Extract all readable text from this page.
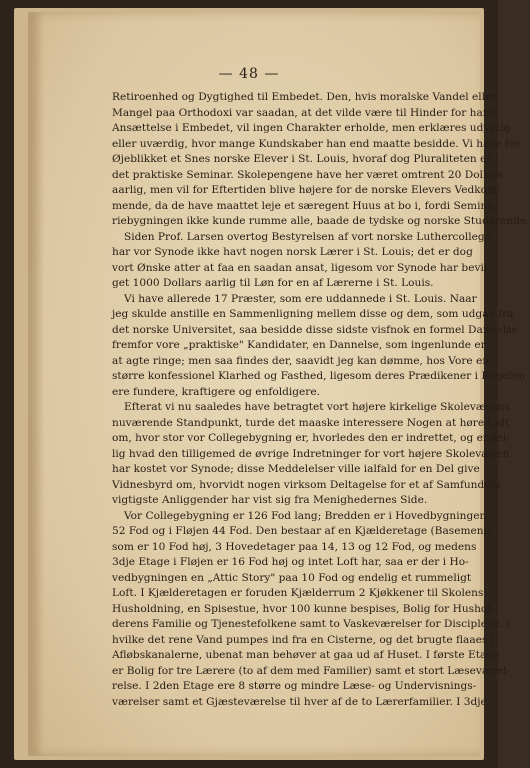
— 48 —
Retiroenhed og Dygtighed til Embedet. Den, hvis moralske Vandel eller
Mangel paa Orthodoxi var saadan, at det vilde være til Hinder for hans
Ansættelse i Embedet, vil ingen Charakter erholde, men erklæres udygtig
eller uværdig, hvor mange Kundskaber han end maatte besidde. Vi have for
Øjeblikket et Snes norske Elever i St. Louis, hvoraf dog Pluraliteten er i
det praktiske Seminar. Skolepengene have her været omtrent 20 Dollars
aarlig, men vil for Eftertiden blive højere for de norske Elevers Vedkom-
mende, da de have maattet leje et særegent Huus at bo i, fordi Semina-
riebygningen ikke kunde rumme alle, baade de tydske og norske Studerende.
Siden Prof. Larsen overtog Bestyrelsen af vort norske Luthercollege,
har vor Synode ikke havt nogen norsk Lærer i St. Louis; det er dog
vort Ønske atter at faa en saadan ansat, ligesom vor Synode har bevil-
get 1000 Dollars aarlig til Løn for en af Lærerne i St. Louis.
Vi have allerede 17 Præster, som ere uddannede i St. Louis. Naar
jeg skulde anstille en Sammenligning mellem disse og dem, som udgaa fra
det norske Universitet, saa besidde disse sidste visfnok en formel Dannelse
fremfor vore „praktiske" Kandidater, en Dannelse, som ingenlunde er
at agte ringe; men saa findes der, saavidt jeg kan dømme, hos Vore en
større konfessionel Klarhed og Fasthed, ligesom deres Prædikener i Regelen
ere fundere, kraftigere og enfoldigere.
Efterat vi nu saaledes have betragtet vort højere kirkelige Skolevæsens
nuværende Standpunkt, turde det maaske interessere Nogen at høre Lidt
om, hvor stor vor Collegebygning er, hvorledes den er indrettet, og endel-
lig hvad den tilligemed de øvrige Indretninger for vort højere Skolevæsen
har kostet vor Synode; disse Meddelelser ville ialfald for en Del give
Vidnesbyrd om, hvorvidt nogen virksom Deltagelse for et af Samfundets
vigtigste Anliggender har vist sig fra Menighedernes Side.
Vor Collegebygning er 126 Fod lang; Bredden er i Hovedbygningen
52 Fod og i Fløjen 44 Fod. Den bestaar af en Kjælderetage (Basement),
som er 10 Fod høj, 3 Hovedetager paa 14, 13 og 12 Fod, og medens
3dje Etage i Fløjen er 16 Fod høj og intet Loft har, saa er der i Ho-
vedbygningen en „Attic Story" paa 10 Fod og endelig et rummeligt
Loft. I Kjælderetagen er foruden Kjælderrum 2 Kjøkkener til Skolens
Husholdning, en Spisestue, hvor 100 kunne bespises, Bolig for Hushol-
derens Familie og Tjenestefolkene samt to Vaskeværelser for Disciplene, i
hvilke det rene Vand pumpes ind fra en Cisterne, og det brugte flaaes i
Afløbskanalerne, ubenat man behøver at gaa ud af Huset. I første Etage
er Bolig for tre Lærere (to af dem med Familier) samt et stort Læseværel-
relse. I 2den Etage ere 8 større og mindre Læse- og Undervisnings-
værelser samt et Gjæsteværelse til hver af de to Lærerfamilier. I 3dje
